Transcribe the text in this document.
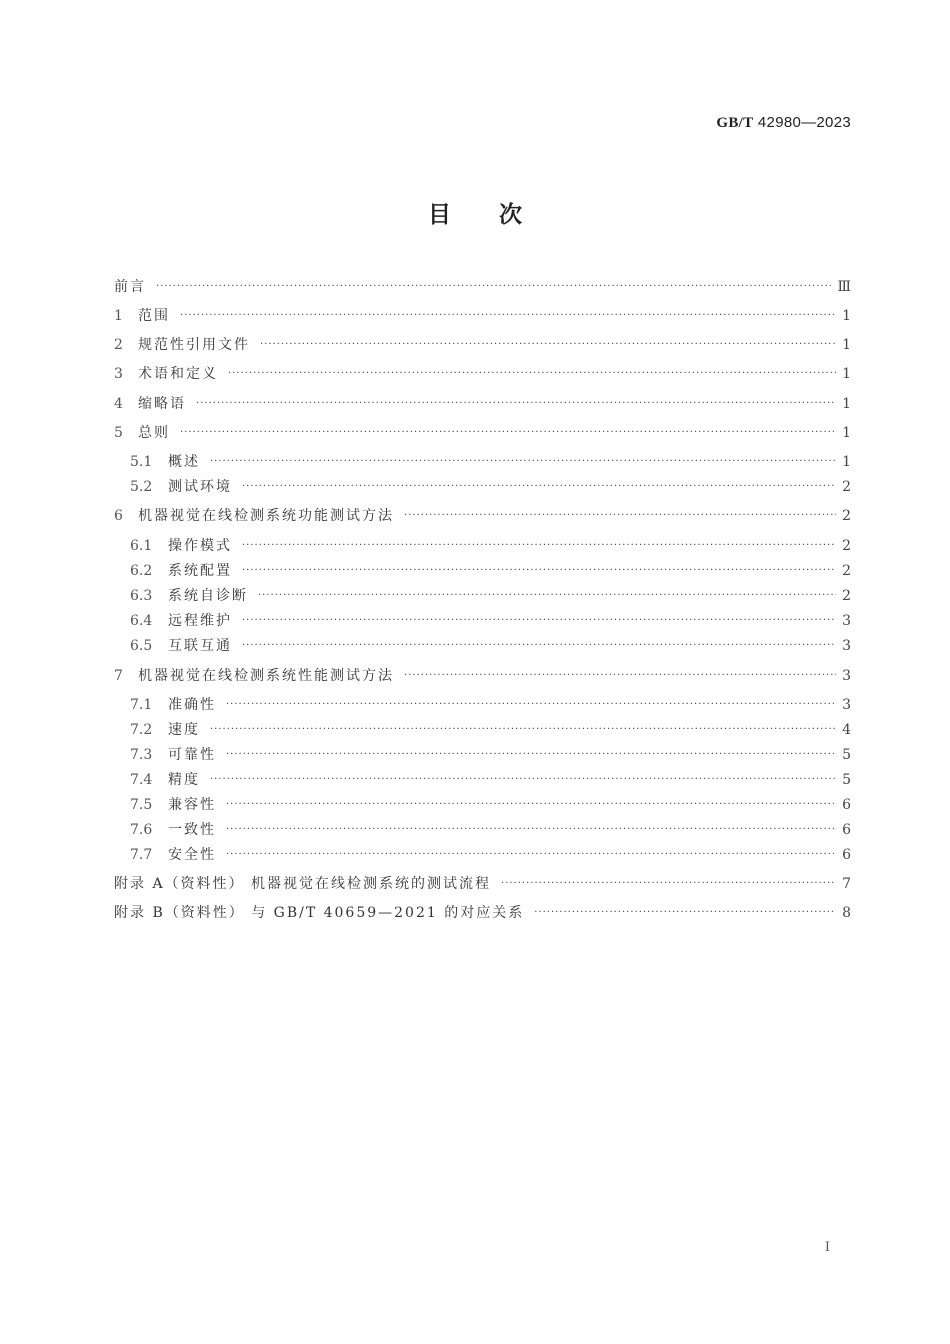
GB/T 42980—2023
目次
前言 ·····	Ⅲ
1 范围 ·····	1
2 规范性引用文件 ·····	1
3 术语和定义 ·····	1
4 缩略语 ·····	1
5 总则 ·····	1
5.1 概述 ·····	1
5.2 测试环境 ·····	2
6 机器视觉在线检测系统功能测试方法 ·····	2
6.1 操作模式 ·····	2
6.2 系统配置 ·····	2
6.3 系统自诊断 ·····	2
6.4 远程维护 ·····	3
6.5 互联互通 ·····	3
7 机器视觉在线检测系统性能测试方法 ·····	3
7.1 准确性 ·····	3
7.2 速度 ·····	4
7.3 可靠性 ·····	5
7.4 精度 ·····	5
7.5 兼容性 ·····	6
7.6 一致性 ·····	6
7.7 安全性 ·····	6
附录 A（资料性） 机器视觉在线检测系统的测试流程 ·····	7
附录 B（资料性） 与 GB/T 40659—2021 的对应关系 ·····	8
I
